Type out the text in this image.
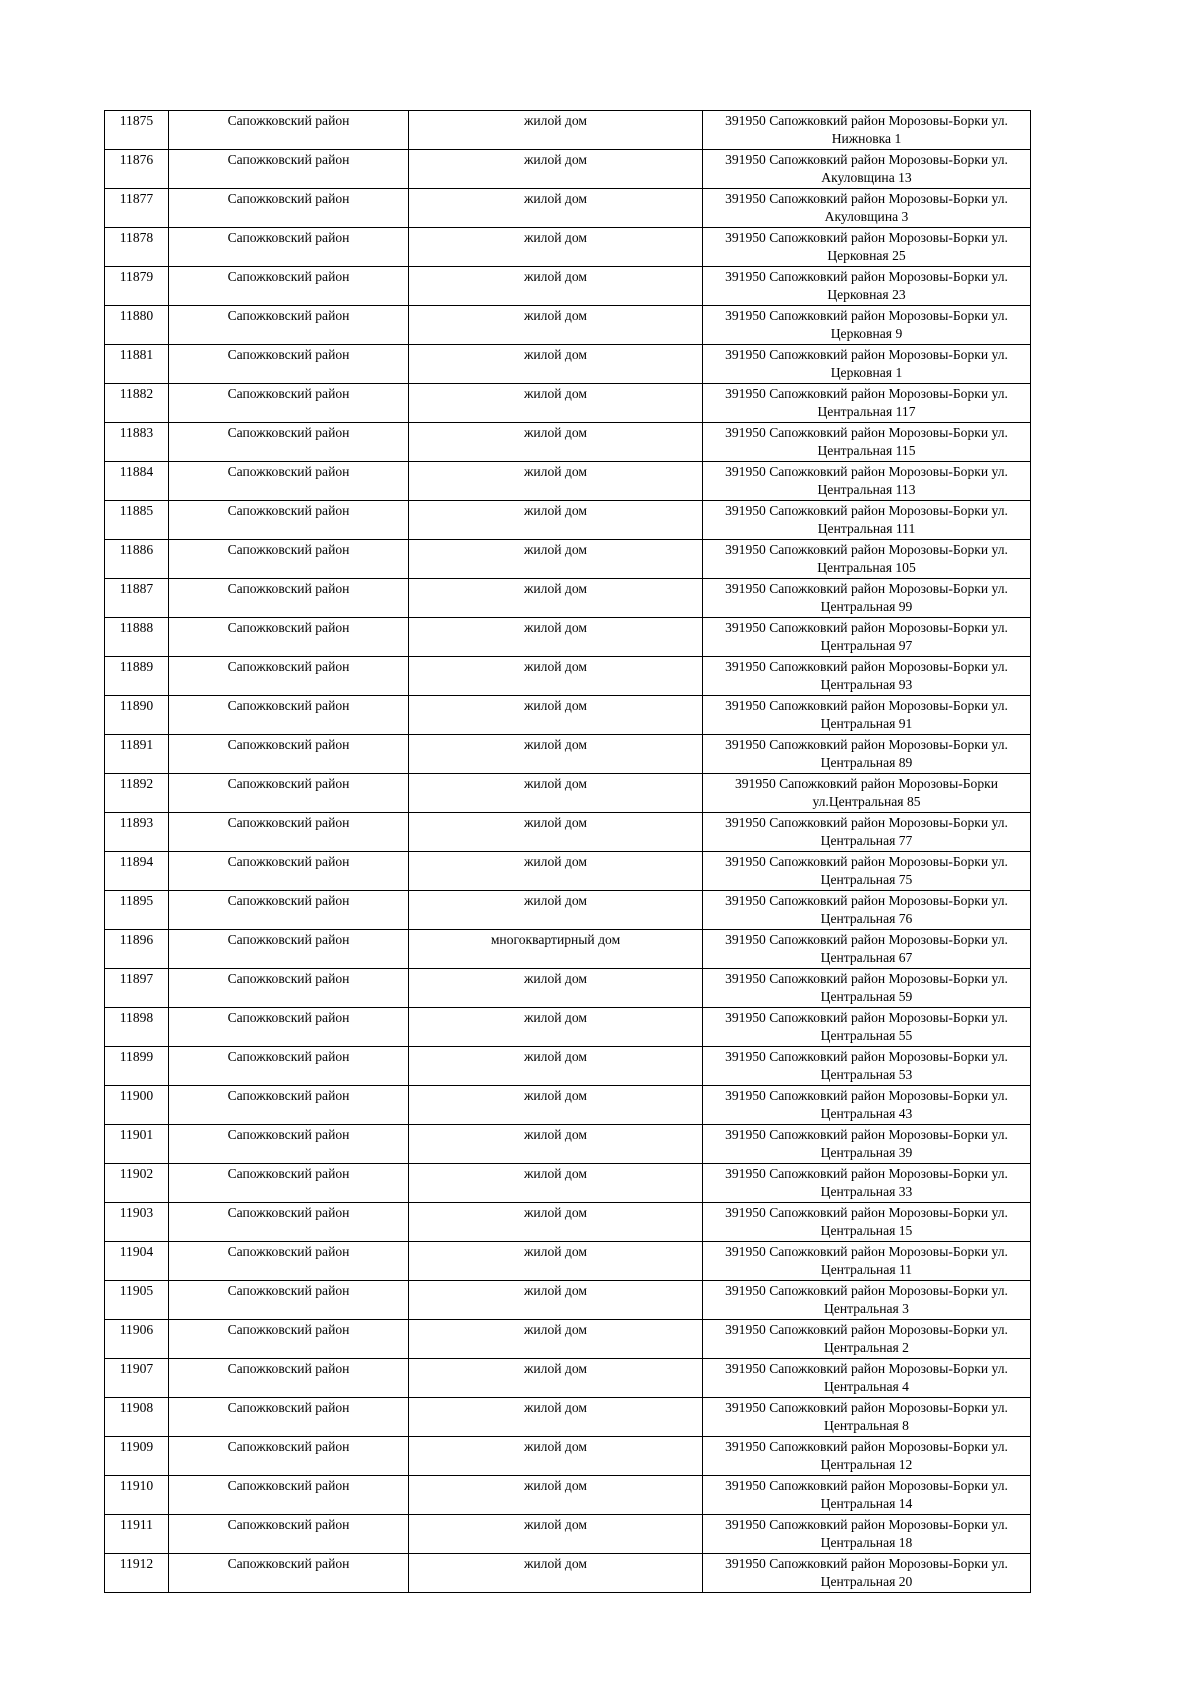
11875	Сапожковский район	жилой дом	391950 Сапожковкий район Морозовы-Борки ул.
Нижновка 1

11876	Сапожковский район	жилой дом	391950 Сапожковкий район Морозовы-Борки ул.
Акуловщина 13

11877	Сапожковский район	жилой дом	391950 Сапожковкий район Морозовы-Борки ул.
Акуловщина 3

11878	Сапожковский район	жилой дом	391950 Сапожковкий район Морозовы-Борки ул.
Церковная 25

11879	Сапожковский район	жилой дом	391950 Сапожковкий район Морозовы-Борки ул.
Церковная 23

11880	Сапожковский район	жилой дом	391950 Сапожковкий район Морозовы-Борки ул.
Церковная 9

11881	Сапожковский район	жилой дом	391950 Сапожковкий район Морозовы-Борки ул.
Церковная 1

11882	Сапожковский район	жилой дом	391950 Сапожковкий район Морозовы-Борки ул.
Центральная 117

11883	Сапожковский район	жилой дом	391950 Сапожковкий район Морозовы-Борки ул.
Центральная 115

11884	Сапожковский район	жилой дом	391950 Сапожковкий район Морозовы-Борки ул.
Центральная 113

11885	Сапожковский район	жилой дом	391950 Сапожковкий район Морозовы-Борки ул.
Центральная 111

11886	Сапожковский район	жилой дом	391950 Сапожковкий район Морозовы-Борки ул.
Центральная 105

11887	Сапожковский район	жилой дом	391950 Сапожковкий район Морозовы-Борки ул.
Центральная 99

11888	Сапожковский район	жилой дом	391950 Сапожковкий район Морозовы-Борки ул.
Центральная 97

11889	Сапожковский район	жилой дом	391950 Сапожковкий район Морозовы-Борки ул.
Центральная 93

11890	Сапожковский район	жилой дом	391950 Сапожковкий район Морозовы-Борки ул.
Центральная 91

11891	Сапожковский район	жилой дом	391950 Сапожковкий район Морозовы-Борки ул.
Центральная 89

11892	Сапожковский район	жилой дом	391950 Сапожковкий район Морозовы-Борки
ул.Центральная 85

11893	Сапожковский район	жилой дом	391950 Сапожковкий район Морозовы-Борки ул.
Центральная 77

11894	Сапожковский район	жилой дом	391950 Сапожковкий район Морозовы-Борки ул.
Центральная 75

11895	Сапожковский район	жилой дом	391950 Сапожковкий район Морозовы-Борки ул.
Центральная 76

11896	Сапожковский район	многоквартирный дом	391950 Сапожковкий район Морозовы-Борки ул.
Центральная 67

11897	Сапожковский район	жилой дом	391950 Сапожковкий район Морозовы-Борки ул.
Центральная 59

11898	Сапожковский район	жилой дом	391950 Сапожковкий район Морозовы-Борки ул.
Центральная 55

11899	Сапожковский район	жилой дом	391950 Сапожковкий район Морозовы-Борки ул.
Центральная 53

11900	Сапожковский район	жилой дом	391950 Сапожковкий район Морозовы-Борки ул.
Центральная 43

11901	Сапожковский район	жилой дом	391950 Сапожковкий район Морозовы-Борки ул.
Центральная 39

11902	Сапожковский район	жилой дом	391950 Сапожковкий район Морозовы-Борки ул.
Центральная 33

11903	Сапожковский район	жилой дом	391950 Сапожковкий район Морозовы-Борки ул.
Центральная 15

11904	Сапожковский район	жилой дом	391950 Сапожковкий район Морозовы-Борки ул.
Центральная 11

11905	Сапожковский район	жилой дом	391950 Сапожковкий район Морозовы-Борки ул.
Центральная 3

11906	Сапожковский район	жилой дом	391950 Сапожковкий район Морозовы-Борки ул.
Центральная 2

11907	Сапожковский район	жилой дом	391950 Сапожковкий район Морозовы-Борки ул.
Центральная 4

11908	Сапожковский район	жилой дом	391950 Сапожковкий район Морозовы-Борки ул.
Центральная 8

11909	Сапожковский район	жилой дом	391950 Сапожковкий район Морозовы-Борки ул.
Центральная 12

11910	Сапожковский район	жилой дом	391950 Сапожковкий район Морозовы-Борки ул.
Центральная 14

11911	Сапожковский район	жилой дом	391950 Сапожковкий район Морозовы-Борки ул.
Центральная 18

11912	Сапожковский район	жилой дом	391950 Сапожковкий район Морозовы-Борки ул.
Центральная 20
